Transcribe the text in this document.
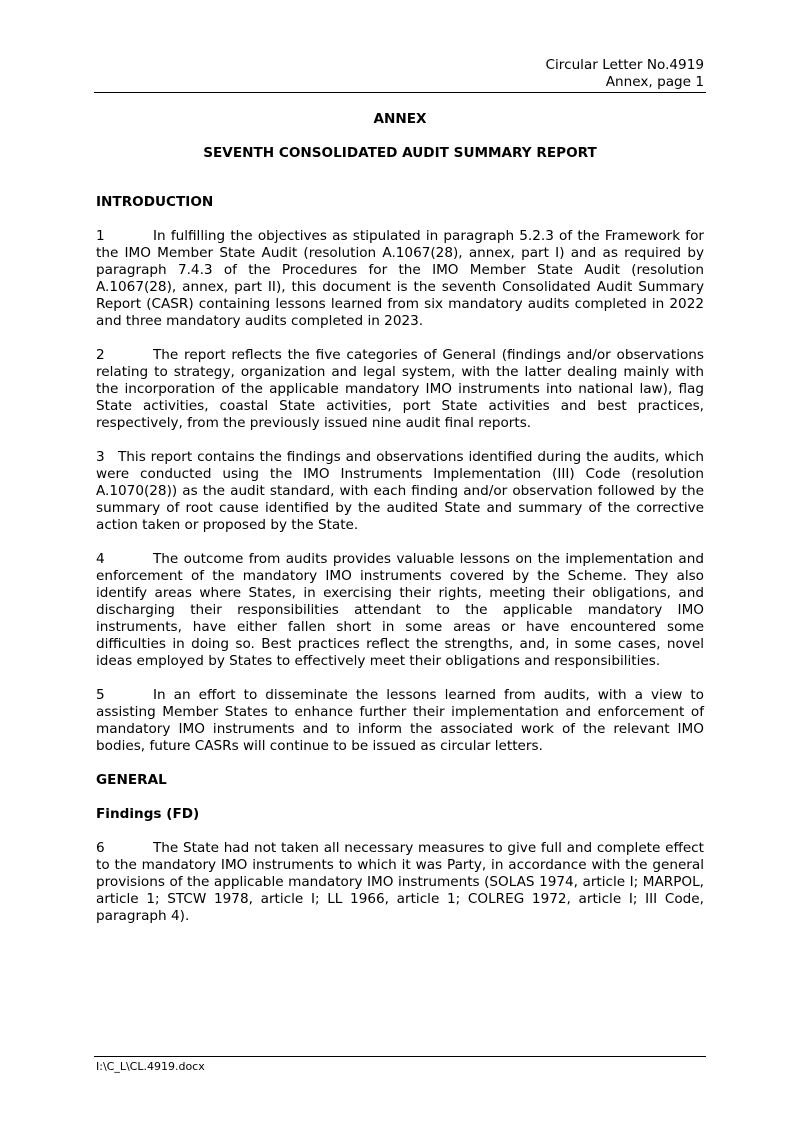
Circular Letter No.4919
Annex, page 1

ANNEX

SEVENTH CONSOLIDATED AUDIT SUMMARY REPORT

INTRODUCTION

1	In fulfilling the objectives as stipulated in paragraph 5.2.3 of the Framework for the IMO Member State Audit (resolution A.1067(28), annex, part I) and as required by paragraph 7.4.3 of the Procedures for the IMO Member State Audit (resolution A.1067(28), annex, part II), this document is the seventh Consolidated Audit Summary Report (CASR) containing lessons learned from six mandatory audits completed in 2022 and three mandatory audits completed in 2023.

2	The report reflects the five categories of General (findings and/or observations relating to strategy, organization and legal system, with the latter dealing mainly with the incorporation of the applicable mandatory IMO instruments into national law), flag State activities, coastal State activities, port State activities and best practices, respectively, from the previously issued nine audit final reports.

3 This report contains the findings and observations identified during the audits, which were conducted using the IMO Instruments Implementation (III) Code (resolution A.1070(28)) as the audit standard, with each finding and/or observation followed by the summary of root cause identified by the audited State and summary of the corrective action taken or proposed by the State.

4	The outcome from audits provides valuable lessons on the implementation and enforcement of the mandatory IMO instruments covered by the Scheme. They also identify areas where States, in exercising their rights, meeting their obligations, and discharging their responsibilities attendant to the applicable mandatory IMO instruments, have either fallen short in some areas or have encountered some difficulties in doing so. Best practices reflect the strengths, and, in some cases, novel ideas employed by States to effectively meet their obligations and responsibilities.

5	In an effort to disseminate the lessons learned from audits, with a view to assisting Member States to enhance further their implementation and enforcement of mandatory IMO instruments and to inform the associated work of the relevant IMO bodies, future CASRs will continue to be issued as circular letters.

GENERAL

Findings (FD)

6	The State had not taken all necessary measures to give full and complete effect to the mandatory IMO instruments to which it was Party, in accordance with the general provisions of the applicable mandatory IMO instruments (SOLAS 1974, article I; MARPOL, article 1; STCW 1978, article I; LL 1966, article 1; COLREG 1972, article I; III Code, paragraph 4).

I:\C_L\CL.4919.docx
